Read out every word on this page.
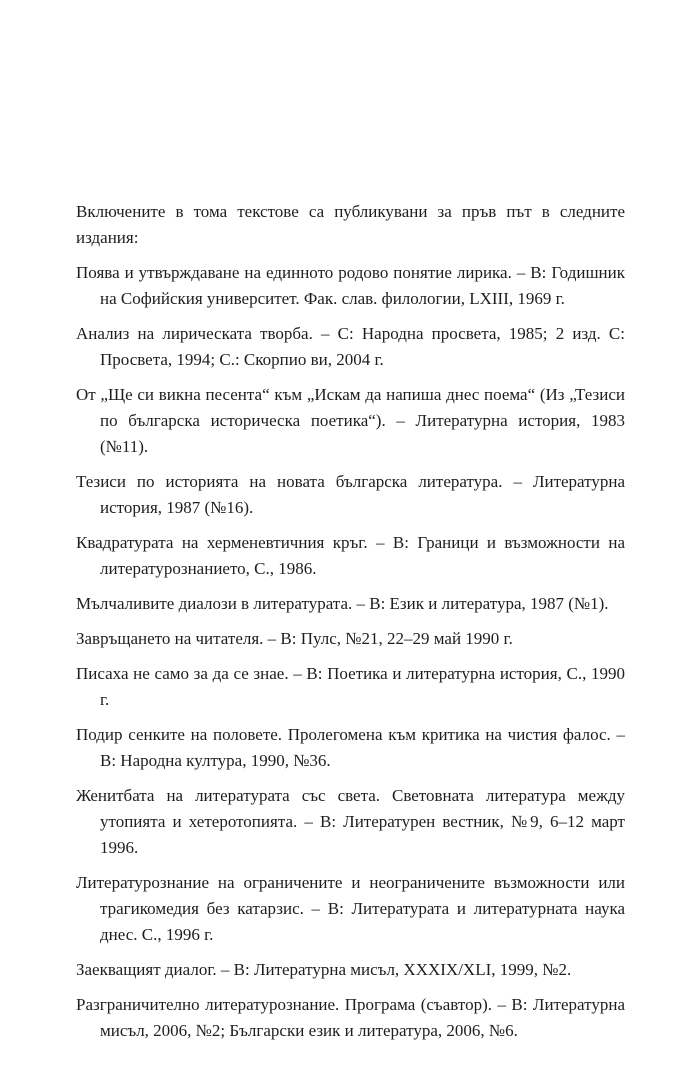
Включените в тома текстове са публикувани за пръв път в следните издания:

Поява и утвърждаване на единното родово понятие лирика. – В: Годишник на Софийския университет. Фак. слав. филологии, LXIII, 1969 г.

Анализ на лирическата творба. – С: Народна просвета, 1985; 2 изд. С: Просвета, 1994; С.: Скорпио ви, 2004 г.

От „Ще си викна песента“ към „Искам да напиша днес поема“ (Из „Тезиси по българска историческа поетика“). – Литературна история, 1983 (№11).

Тезиси по историята на новата българска литература. – Литературна история, 1987 (№16).

Квадратурата на херменевтичния кръг. – В: Граници и възможности на литературознанието, С., 1986.

Мълчаливите диалози в литературата. – В: Език и литература, 1987 (№1).

Завръщането на читателя. – В: Пулс, №21, 22–29 май 1990 г.

Писаха не само за да се знае. – В: Поетика и литературна история, С., 1990 г.

Подир сенките на половете. Пролегомена към критика на чистия фалос. – В: Народна култура, 1990, №36.

Женитбата на литературата със света. Световната литература между утопията и хетеротопията. – В: Литературен вестник, №9, 6–12 март 1996.

Литературознание на ограничените и неограничените възможности или трагикомедия без катарзис. – В: Литературата и литературната наука днес. С., 1996 г.

Заекващият диалог. – В: Литературна мисъл, XXXIX/XLI, 1999, №2.

Разграничително литературознание. Програма (съавтор). – В: Литературна мисъл, 2006, №2; Български език и литература, 2006, №6.
